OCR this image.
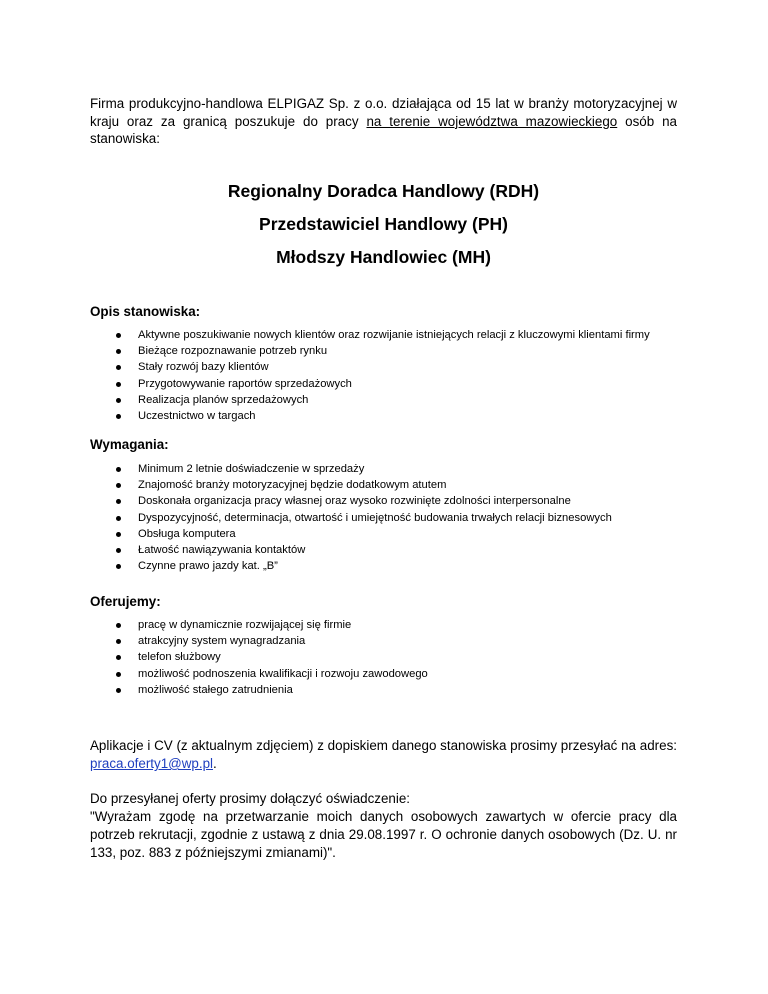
Firma produkcyjno-handlowa ELPIGAZ Sp. z o.o. działająca od 15 lat w branży motoryzacyjnej w kraju oraz za granicą poszukuje do pracy na terenie województwa mazowieckiego osób na stanowiska:
Regionalny Doradca Handlowy (RDH)
Przedstawiciel Handlowy (PH)
Młodszy Handlowiec (MH)
Opis stanowiska:
Aktywne poszukiwanie nowych klientów oraz rozwijanie istniejących relacji z kluczowymi klientami firmy
Bieżące rozpoznawanie potrzeb rynku
Stały rozwój bazy klientów
Przygotowywanie raportów sprzedażowych
Realizacja planów sprzedażowych
Uczestnictwo w targach
Wymagania:
Minimum 2 letnie doświadczenie w sprzedaży
Znajomość branży motoryzacyjnej będzie dodatkowym atutem
Doskonała organizacja pracy własnej oraz wysoko rozwinięte zdolności interpersonalne
Dyspozycyjność, determinacja, otwartość i umiejętność budowania trwałych relacji biznesowych
Obsługa komputera
Łatwość nawiązywania kontaktów
Czynne prawo jazdy kat. „B”
Oferujemy:
pracę w dynamicznie rozwijającej się firmie
atrakcyjny system wynagradzania
telefon służbowy
możliwość podnoszenia kwalifikacji i rozwoju zawodowego
możliwość stałego zatrudnienia
Aplikacje i CV (z aktualnym zdjęciem) z dopiskiem danego stanowiska prosimy przesyłać na adres: praca.oferty1@wp.pl.
Do przesyłanej oferty prosimy dołączyć oświadczenie:
"Wyrażam zgodę na przetwarzanie moich danych osobowych zawartych w ofercie pracy dla potrzeb rekrutacji, zgodnie z ustawą z dnia 29.08.1997 r. O ochronie danych osobowych (Dz. U. nr 133, poz. 883 z późniejszymi zmianami)".
